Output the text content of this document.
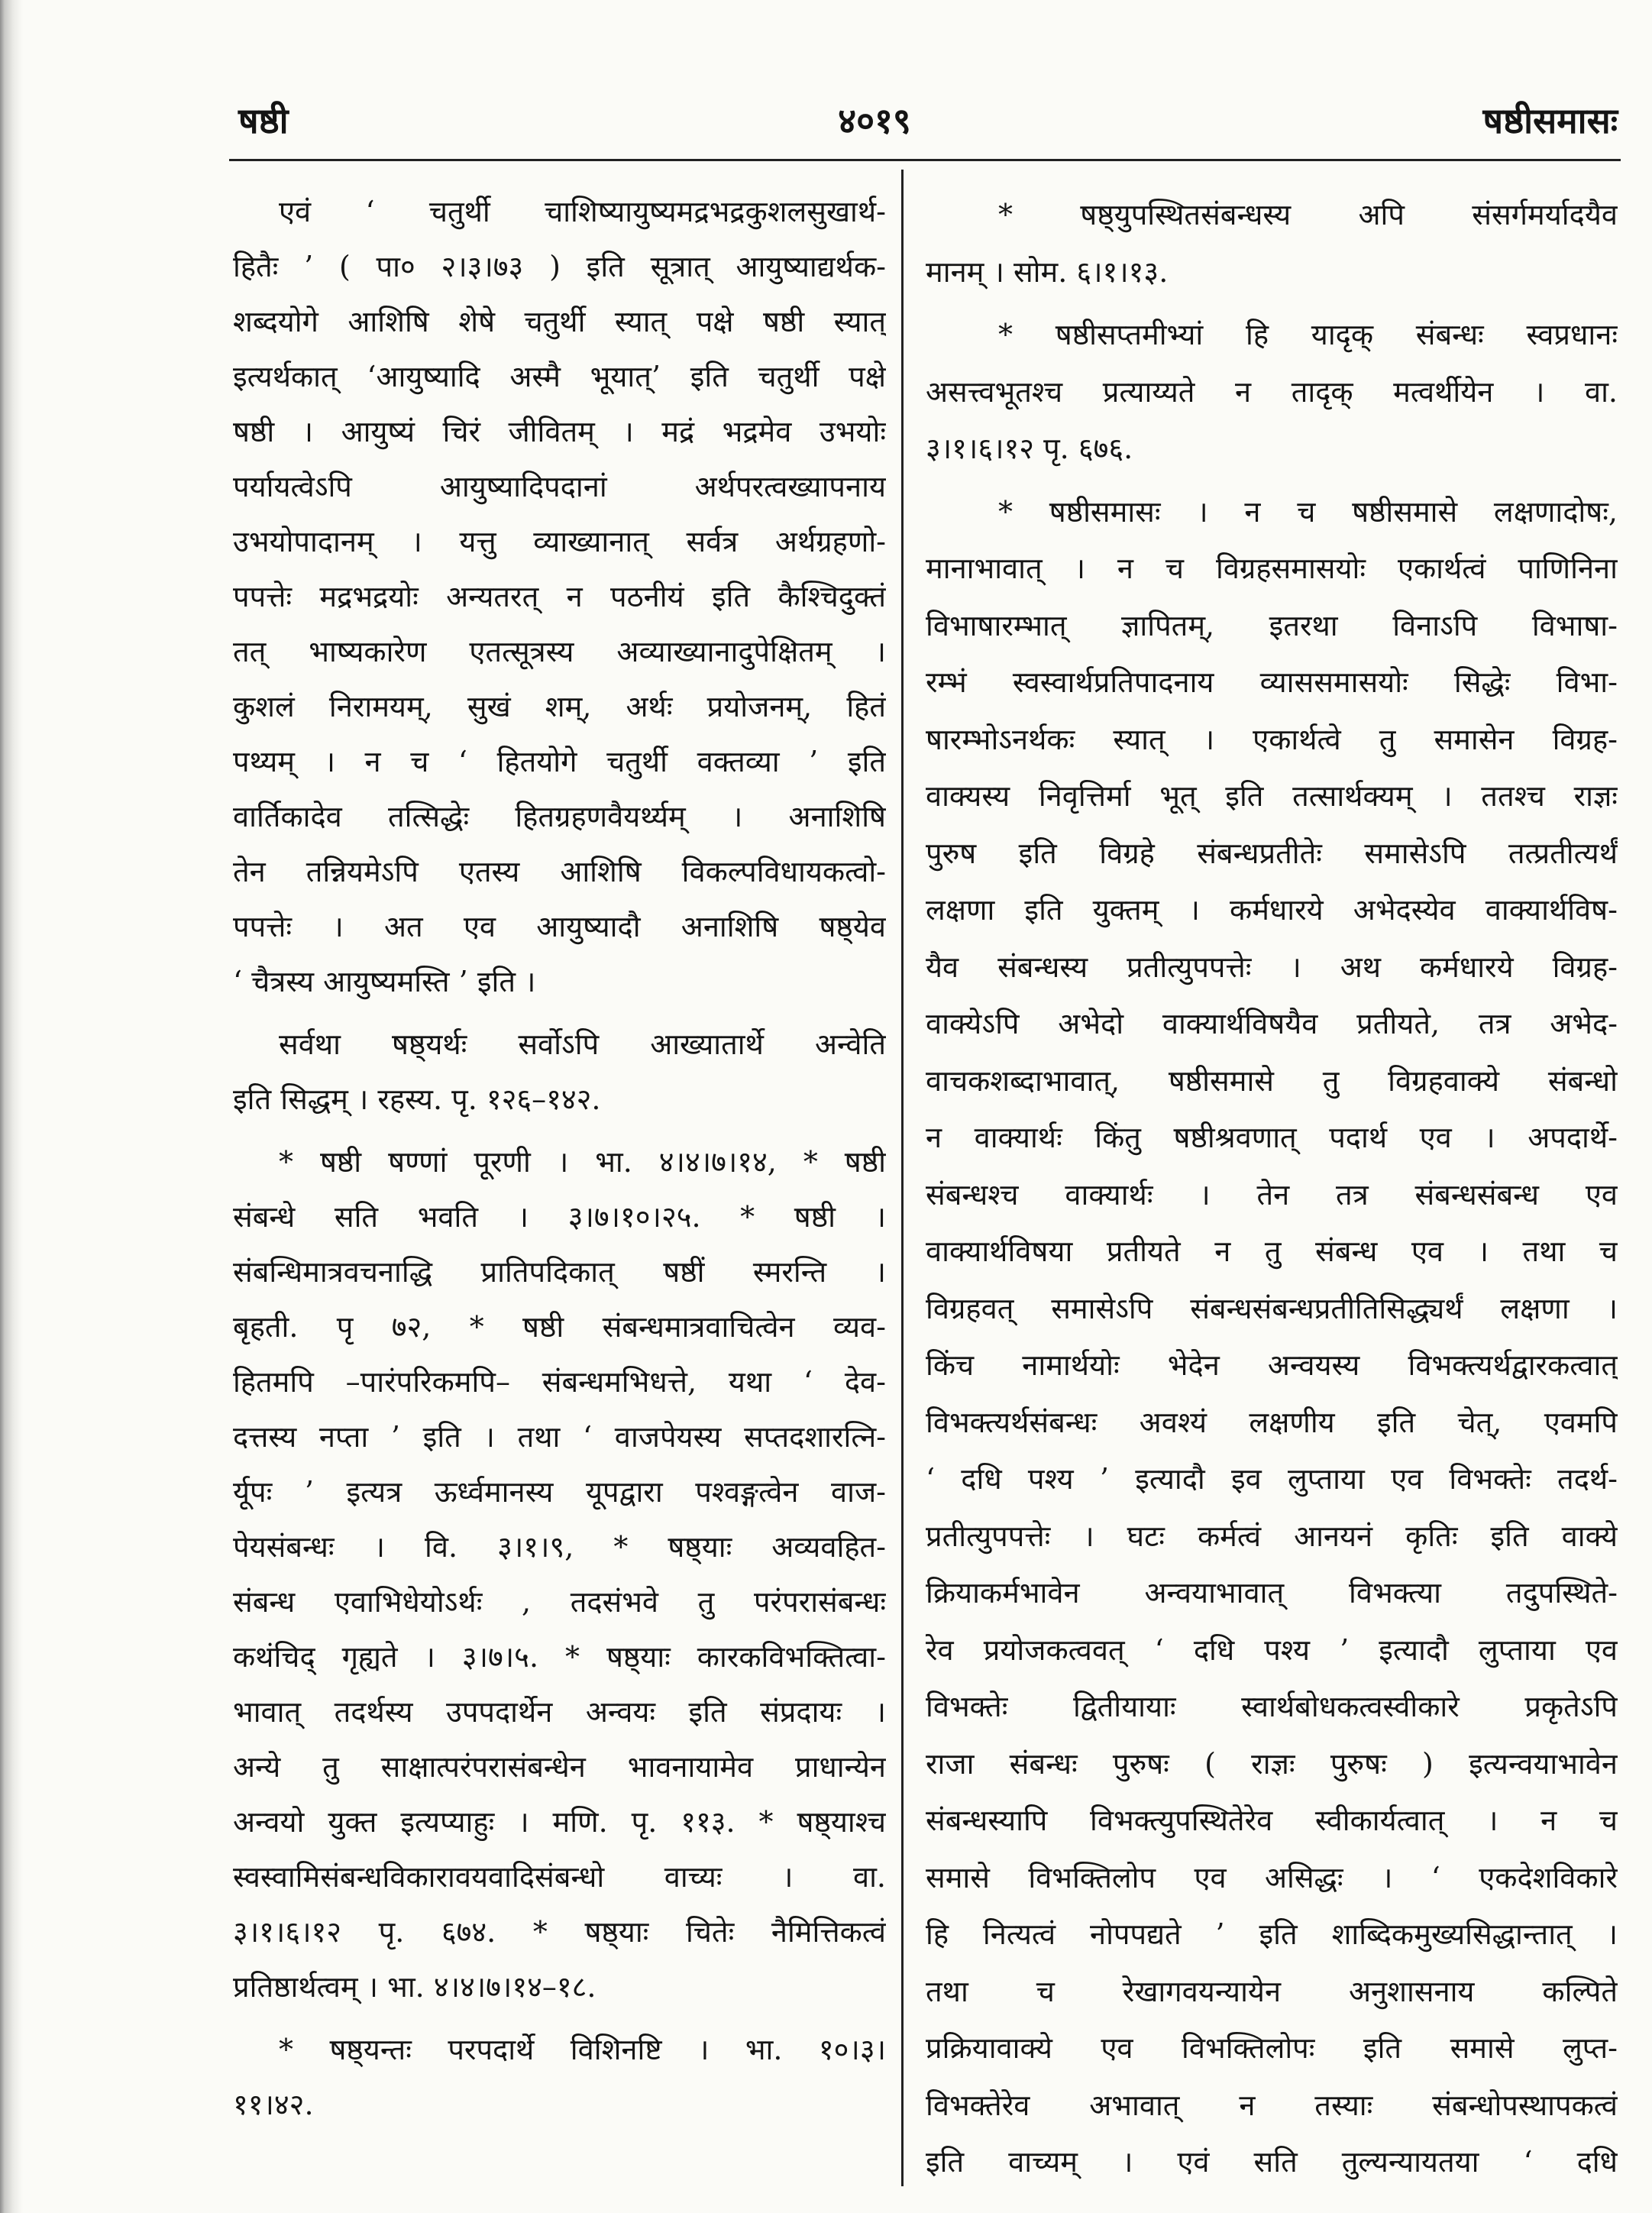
षष्ठी	४०१९	षष्ठीसमासः
एवं ‘ चतुर्थी चाशिष्यायुष्यमद्रभद्रकुशलसुखार्थ-
हितैः ’ ( पा० २।३।७३ ) इति सूत्रात् आयुष्याद्यर्थक-
शब्दयोगे आशिषि शेषे चतुर्थी स्यात् पक्षे षष्ठी स्यात्
इत्यर्थकात् ‘आयुष्यादि अस्मै भूयात्’ इति चतुर्थी पक्षे
षष्ठी । आयुष्यं चिरं जीवितम् । मद्रं भद्रमेव उभयोः
पर्यायत्वेऽपि आयुष्यादिपदानां अर्थपरत्वख्यापनाय
उभयोपादानम् । यत्तु व्याख्यानात् सर्वत्र अर्थग्रहणो-
पपत्तेः मद्रभद्रयोः अन्यतरत् न पठनीयं इति कैश्चिदुक्तं
तत् भाष्यकारेण एतत्सूत्रस्य अव्याख्यानादुपेक्षितम् ।
कुशलं निरामयम्, सुखं शम्, अर्थः प्रयोजनम्, हितं
पथ्यम् । न च ‘ हितयोगे चतुर्थी वक्तव्या ’ इति
वार्तिकादेव तत्सिद्धेः हितग्रहणवैयर्थ्यम् । अनाशिषि
तेन तन्नियमेऽपि एतस्य आशिषि विकल्पविधायकत्वो-
पपत्तेः । अत एव आयुष्यादौ अनाशिषि षष्ठ्येव
‘ चैत्रस्य आयुष्यमस्ति ’ इति ।
सर्वथा षष्ठ्यर्थः सर्वोऽपि आख्यातार्थे अन्वेति
इति सिद्धम् । रहस्य. पृ. १२६–१४२.
* षष्ठी षण्णां पूरणी । भा. ४।४।७।१४, * षष्ठी
संबन्धे सति भवति । ३।७।१०।२५. * षष्ठी ।
संबन्धिमात्रवचनाद्धि प्रातिपदिकात् षष्ठीं स्मरन्ति ।
बृहती. पृ ७२, * षष्ठी संबन्धमात्रवाचित्वेन व्यव-
हितमपि –पारंपरिकमपि– संबन्धमभिधत्ते, यथा ‘ देव-
दत्तस्य नप्ता ’ इति । तथा ‘ वाजपेयस्य सप्तदशारत्नि-
र्यूपः ’ इत्यत्र ऊर्ध्वमानस्य यूपद्वारा पश्वङ्गत्वेन वाज-
पेयसंबन्धः । वि. ३।१।९, * षष्ठ्याः अव्यवहित-
संबन्ध एवाभिधेयोऽर्थः , तदसंभवे तु परंपरासंबन्धः
कथंचिद् गृह्यते । ३।७।५. * षष्ठ्याः कारकविभक्तित्वा-
भावात् तदर्थस्य उपपदार्थेन अन्वयः इति संप्रदायः ।
अन्ये तु साक्षात्परंपरासंबन्धेन भावनायामेव प्राधान्येन
अन्वयो युक्त इत्यप्याहुः । मणि. पृ. ११३. * षष्ठ्याश्च
स्वस्वामिसंबन्धविकारावयवादिसंबन्धो वाच्यः । वा.
३।१।६।१२ पृ. ६७४. * षष्ठ्याः चितेः नैमित्तिकत्वं
प्रतिष्ठार्थत्वम् । भा. ४।४।७।१४–१८.
* षष्ठ्यन्तः परपदार्थे विशिनष्टि । भा. १०।३।
११।४२.
* षष्ठ्युपस्थितसंबन्धस्य अपि संसर्गमर्यादयैव
मानम् । सोम. ६।१।१३.
* षष्ठीसप्तमीभ्यां हि यादृक् संबन्धः स्वप्रधानः
असत्त्वभूतश्च प्रत्याय्यते न तादृक् मत्वर्थीयेन । वा.
३।१।६।१२ पृ. ६७६.
* षष्ठीसमासः । न च षष्ठीसमासे लक्षणादोषः,
मानाभावात् । न च विग्रहसमासयोः एकार्थत्वं पाणिनिना
विभाषारम्भात् ज्ञापितम्, इतरथा विनाऽपि विभाषा-
रम्भं स्वस्वार्थप्रतिपादनाय व्याससमासयोः सिद्धेः विभा-
षारम्भोऽनर्थकः स्यात् । एकार्थत्वे तु समासेन विग्रह-
वाक्यस्य निवृत्तिर्मा भूत् इति तत्सार्थक्यम् । ततश्च राज्ञः
पुरुष इति विग्रहे संबन्धप्रतीतेः समासेऽपि तत्प्रतीत्यर्थं
लक्षणा इति युक्तम् । कर्मधारये अभेदस्येव वाक्यार्थविष-
यैव संबन्धस्य प्रतीत्युपपत्तेः । अथ कर्मधारये विग्रह-
वाक्येऽपि अभेदो वाक्यार्थविषयैव प्रतीयते, तत्र अभेद-
वाचकशब्दाभावात्, षष्ठीसमासे तु विग्रहवाक्ये संबन्धो
न वाक्यार्थः किंतु षष्ठीश्रवणात् पदार्थ एव । अपदार्थे-
संबन्धश्च वाक्यार्थः । तेन तत्र संबन्धसंबन्ध एव
वाक्यार्थविषया प्रतीयते न तु संबन्ध एव । तथा च
विग्रहवत् समासेऽपि संबन्धसंबन्धप्रतीतिसिद्ध्यर्थं लक्षणा ।
किंच नामार्थयोः भेदेन अन्वयस्य विभक्त्यर्थद्वारकत्वात्
विभक्त्यर्थसंबन्धः अवश्यं लक्षणीय इति चेत्, एवमपि
‘ दधि पश्य ’ इत्यादौ इव लुप्ताया एव विभक्तेः तदर्थ-
प्रतीत्युपपत्तेः । घटः कर्मत्वं आनयनं कृतिः इति वाक्ये
क्रियाकर्मभावेन अन्वयाभावात् विभक्त्या तदुपस्थिते-
रेव प्रयोजकत्ववत् ‘ दधि पश्य ’ इत्यादौ लुप्ताया एव
विभक्तेः द्वितीयायाः स्वार्थबोधकत्वस्वीकारे प्रकृतेऽपि
राजा संबन्धः पुरुषः ( राज्ञः पुरुषः ) इत्यन्वयाभावेन
संबन्धस्यापि विभक्त्युपस्थितेरेव स्वीकार्यत्वात् । न च
समासे विभक्तिलोप एव असिद्धः । ‘ एकदेशविकारे
हि नित्यत्वं नोपपद्यते ’ इति शाब्दिकमुख्यसिद्धान्तात् ।
तथा च रेखागवयन्यायेन अनुशासनाय कल्पिते
प्रक्रियावाक्ये एव विभक्तिलोपः इति समासे लुप्त-
विभक्तेरेव अभावात् न तस्याः संबन्धोपस्थापकत्वं
इति वाच्यम् । एवं सति तुल्यन्यायतया ‘ दधि
